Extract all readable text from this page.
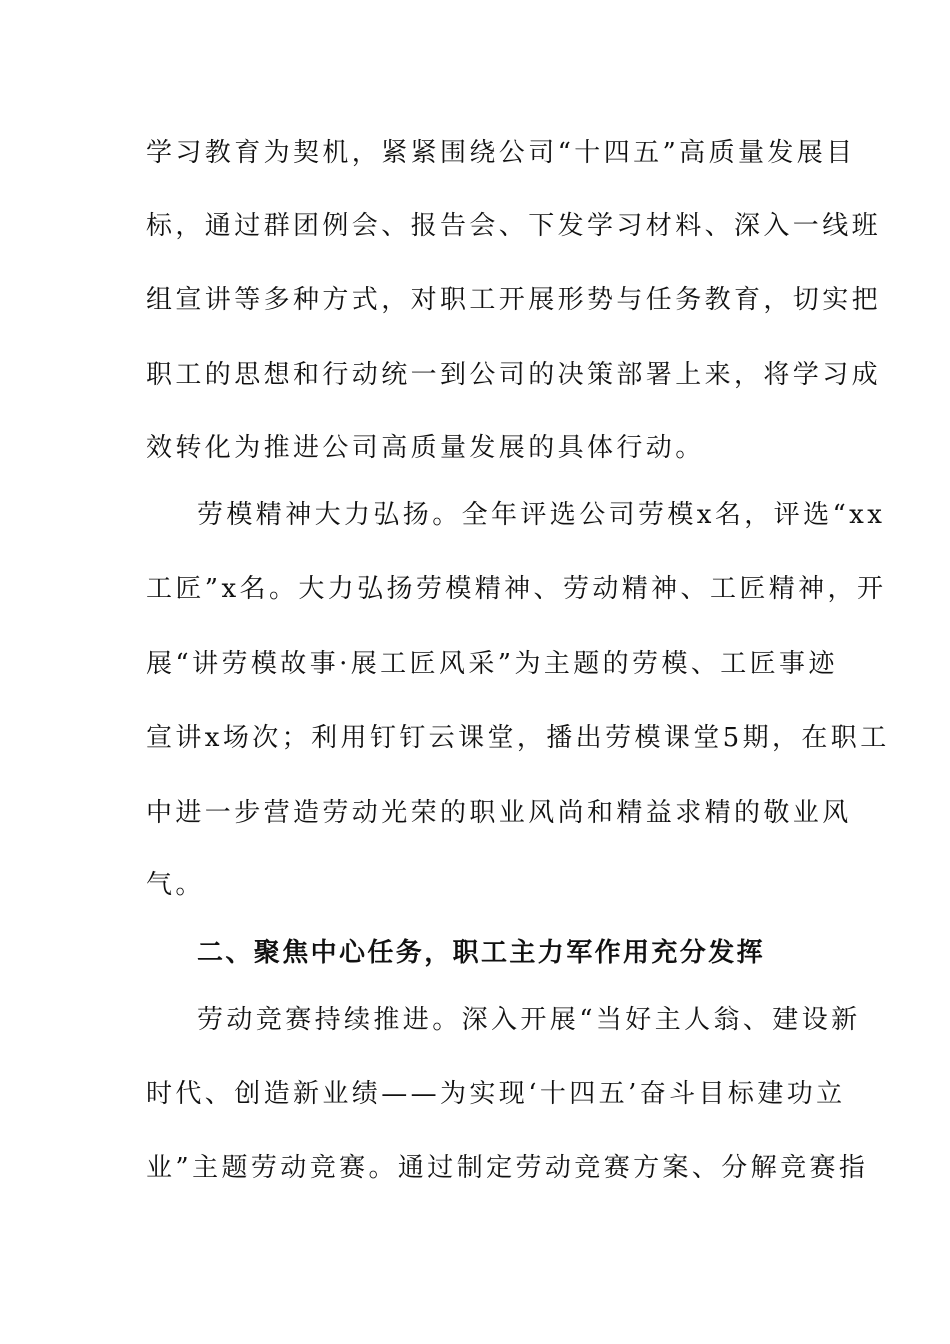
学习教育为契机，紧紧围绕公司“十四五”高质量发展目
标，通过群团例会、报告会、下发学习材料、深入一线班
组宣讲等多种方式，对职工开展形势与任务教育，切实把
职工的思想和行动统一到公司的决策部署上来，将学习成
效转化为推进公司高质量发展的具体行动。
劳模精神大力弘扬。全年评选公司劳模x名，评选“xx
工匠”x名。大力弘扬劳模精神、劳动精神、工匠精神，开
展“讲劳模故事·展工匠风采”为主题的劳模、工匠事迹
宣讲x场次；利用钉钉云课堂，播出劳模课堂5期，在职工
中进一步营造劳动光荣的职业风尚和精益求精的敬业风
气。
二、聚焦中心任务，职工主力军作用充分发挥
劳动竞赛持续推进。深入开展“当好主人翁、建设新
时代、创造新业绩——为实现‘十四五’奋斗目标建功立
业”主题劳动竞赛。通过制定劳动竞赛方案、分解竞赛指
